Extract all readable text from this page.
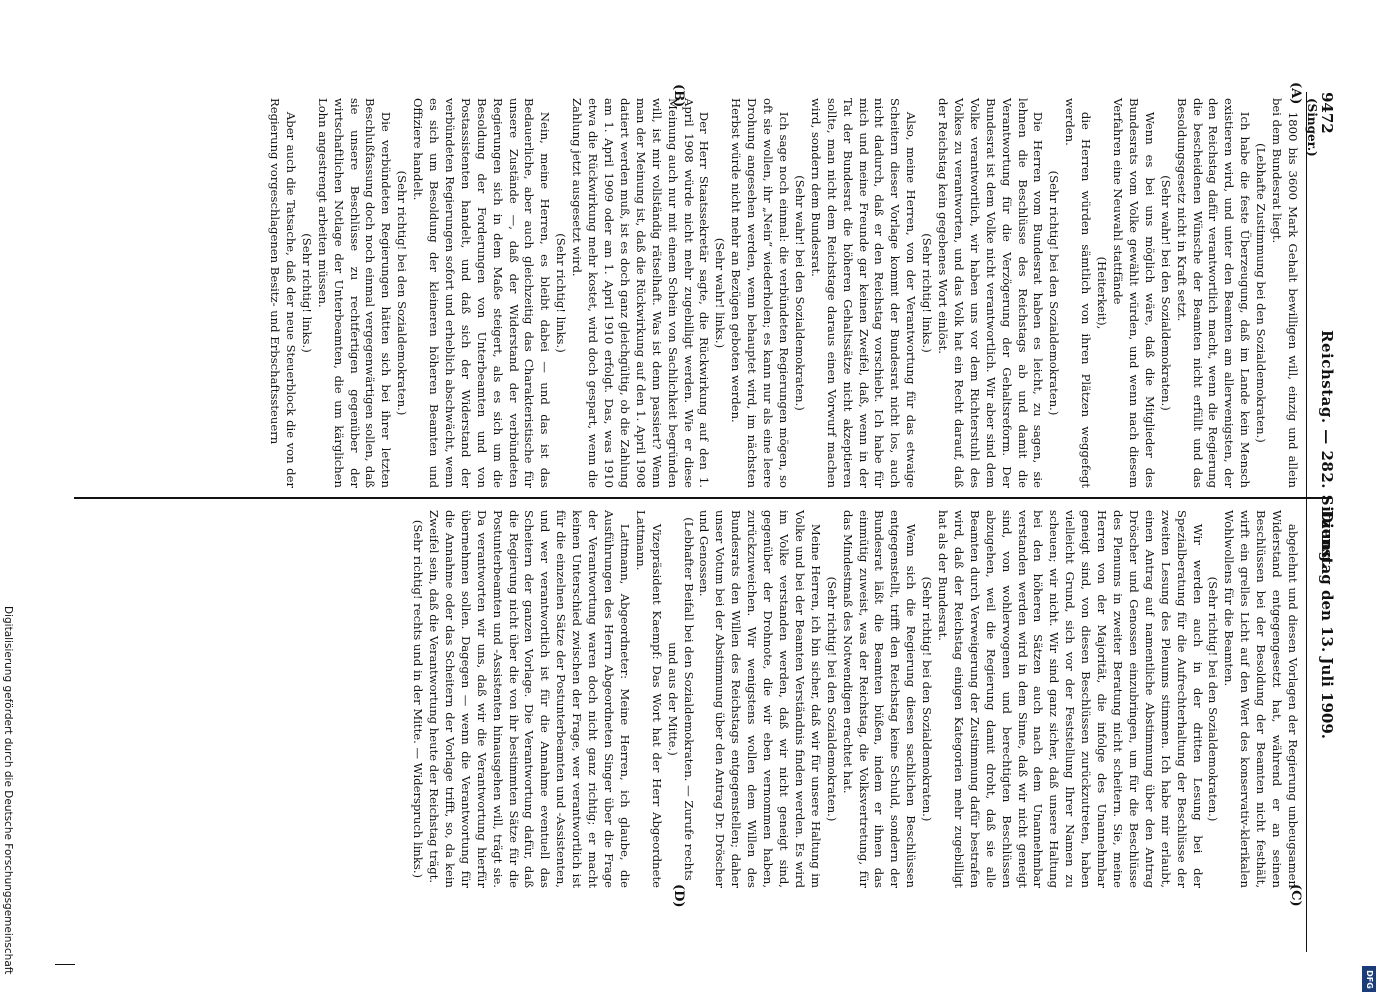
9472
Reichstag. — 282. Sitzung.
Dienstag den 13. Juli 1909.
(Singer.)
(A)
(B)
(C)
(D)

1800 bis 3600 Mark Gehalt bewilligen will, einzig und allein bei dem Bundesrat liegt.

(Lebhafte Zustimmung bei den Sozialdemokraten.)

Ich habe die feste Überzeugung, daß im Lande kein Mensch existieren wird, und unter den Beamten am allerwenigsten, der den Reichstag dafür verantwortlich macht, wenn die Regierung die bescheidenen Wünsche der Beamten nicht erfüllt und das Besoldungsgesetz nicht in Kraft setzt.

(Sehr wahr! bei den Sozialdemokraten.)

Wenn es bei uns möglich wäre, daß die Mitglieder des Bundesrats vom Volke gewählt würden, und wenn nach diesem Verfahren eine Neuwahl stattfände

(Heiterkeit),

die Herren würden sämtlich von ihren Plätzen weggefegt werden.

(Sehr richtig! bei den Sozialdemokraten.)

Die Herren vom Bundesrat haben es leicht, zu sagen, sie lehnen die Beschlüsse des Reichstags ab und damit die Verantwortung für die Verzögerung der Gehaltsreform. Der Bundesrat ist dem Volke nicht verantwortlich. Wir aber sind dem Volke verantwortlich, wir haben uns vor dem Richterstuhl des Volkes zu verantworten, und das Volk hat ein Recht darauf, daß der Reichstag kein gegebenes Wort einlöst.

(Sehr richtig! links.)

Also, meine Herren, von der Verantwortung für das etwaige Scheitern dieser Vorlage kommt der Bundesrat nicht los, auch nicht dadurch, daß er den Reichstag vorschiebt. Ich habe für mich und meine Freunde gar keinen Zweifel, daß, wenn in der Tat der Bundesrat die höheren Gehaltssätze nicht akzeptieren sollte, man nicht dem Reichstage daraus einen Vorwurf machen wird, sondern dem Bundesrat.

(Sehr wahr! bei den Sozialdemokraten.)

Ich sage noch einmal: die verbündeten Regierungen mögen, so oft sie wollen, ihr „Nein“ wiederholen; es kann nur als eine leere Drohung angesehen werden, wenn behauptet wird, im nächsten Herbst würde nicht mehr an Bezügen geboten werden.

(Sehr wahr! links.)

Der Herr Staatssekretär sagte, die Rückwirkung auf den 1. April 1908 würde nicht mehr zugebilligt werden. Wie er diese Meinung auch nur mit einem Schein von Sachlichkeit begründen will, ist mir vollständig rätselhaft. Was ist denn passiert? Wenn man der Meinung ist, daß die Rückwirkung auf den 1. April 1908 datiert werden muß, ist es doch ganz gleichgültig, ob die Zahlung am 1. April 1909 oder am 1. April 1910 erfolgt. Das, was 1910 etwa die Rückwirkung mehr kostet, wird doch gespart, wenn die Zahlung jetzt ausgesetzt wird.

(Sehr richtig! links.)

Nein, meine Herren, es bleibt dabei — und das ist das Bedauerliche, aber auch gleichzeitig das Charakteristische für unsere Zustände —, daß der Widerstand der verbündeten Regierungen sich in dem Maße steigert, als es sich um die Besoldung der Forderungen von Unterbeamten und von Postassistenten handelt, und daß sich der Widerstand der verbündeten Regierungen sofort und erheblich abschwächt, wenn es sich um Besoldung der kleineren höheren Beamten und Offiziere handelt.

(Sehr richtig! bei den Sozialdemokraten.)

Die verbündeten Regierungen hätten sich bei ihrer letzten Beschlußfassung doch noch einmal vergegenwärtigen sollen, daß sie unsere Beschlüsse zu rechtfertigen gegenüber der wirtschaftlichen Notlage der Unterbeamten, die um kärglichen Lohn angestrengt arbeiten müssen.

(Sehr richtig! links.)

Aber auch die Tatsache, daß der neue Steuerblock die von der Regierung vorgeschlagenen Besitz- und Erbschaftssteuern

abgelehnt und diesen Vorlagen der Regierung unbeugsamen Widerstand entgegengesetzt hat, während er an seinen Beschlüssen bei der Besoldung der Beamten nicht festhält, wirft ein grelles Licht auf den Wert des konservativ-klerikalen Wohlwollens für die Beamten.

(Sehr richtig! bei den Sozialdemokraten.)

Wir werden auch in der dritten Lesung bei der Spezialberatung für die Aufrechterhaltung der Beschlüsse der zweiten Lesung des Plenums stimmen. Ich habe mir erlaubt, einen Antrag auf namentliche Abstimmung über den Antrag Dröscher und Genossen einzubringen, um für die Beschlüsse des Plenums in zweiter Beratung nicht scheitern. Sie, meine Herren von der Majorität, die infolge des Unannehmbar geneigt sind, von diesen Beschlüssen zurückzutreten, haben vielleicht Grund, sich vor der Feststellung Ihrer Namen zu scheuen; wir nicht. Wir sind ganz sicher, daß unsere Haltung bei den höheren Sätzen auch nach dem Unannehmbar verstanden werden wird in dem Sinne, daß wir nicht geneigt sind, von wohlerwogenen und berechtigten Beschlüssen abzugehen, weil die Regierung damit droht, daß sie alle Beamten durch Verweigerung der Zustimmung dafür bestrafen wird, daß der Reichstag einigen Kategorien mehr zugebilligt hat als der Bundesrat.

(Sehr richtig! bei den Sozialdemokraten.)

Wenn sich die Regierung diesen sachlichen Beschlüssen entgegenstellt, trifft den Reichstag keine Schuld, sondern der Bundesrat läßt die Beamten büßen, indem er ihnen das einmütig zuweist, was der Reichstag, die Volksvertretung, für das Mindestmaß des Notwendigen erachtet hat.

(Sehr richtig! bei den Sozialdemokraten.)

Meine Herren, ich bin sicher, daß wir für unsere Haltung im Volke und bei der Beamten Verständnis finden werden. Es wird im Volke verstanden werden, daß wir nicht geneigt sind, gegenüber der Drohnote, die wir eben vernommen haben, zurückzuweichen. Wir wenigstens wollen dem Willen des Bundesrats den Willen des Reichstags entgegenstellen; daher unser Votum bei der Abstimmung über den Antrag Dr. Dröscher und Genossen.

(Lebhafter Beifall bei den Sozialdemokraten. — Zurufe rechts und aus der Mitte.)

Vizepräsident Kaempf: Das Wort hat der Herr Abgeordnete Lattmann.

Lattmann, Abgeordneter: Meine Herren, ich glaube, die Ausführungen des Herrn Abgeordneten Singer über die Frage der Verantwortung waren doch nicht ganz richtig; er macht keinen Unterschied zwischen der Frage, wer verantwortlich ist für die einzelnen Sätze der Postunterbeamten und -Assistenten, und wer verantwortlich ist für die Annahme eventuell das Scheitern der ganzen Vorlage. Die Verantwortung dafür, daß die Regierung nicht über die von ihr bestimmten Sätze für die Postunterbeamten und -Assistenten hinausgehen will, trägt sie. Da verantworten wir uns, daß wir die Verantwortung hierfür übernehmen sollen. Dagegen — wenn die Verantwortung für die Annahme oder das Scheitern der Vorlage trifft, so, da kein Zweifel sein, daß die Verantwortung heute der Reichstag trägt.

(Sehr richtig! rechts und in der Mitte. — Widerspruch links.)

Digitalisierung gefördert durch die Deutsche Forschungsgemeinschaft
DFG
